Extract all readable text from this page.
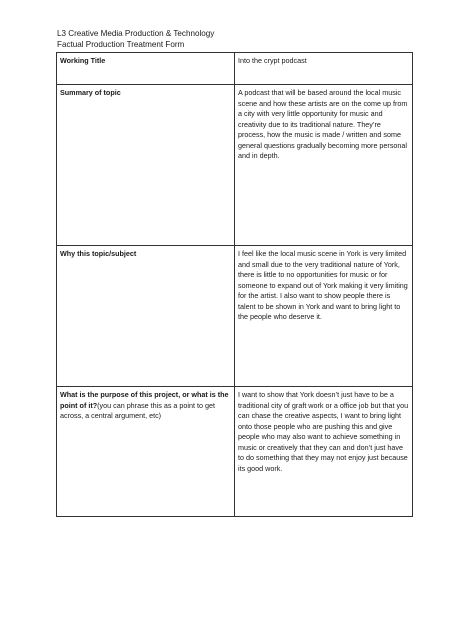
L3 Creative Media Production & Technology
Factual Production Treatment Form
Working Title	Into the crypt podcast
Summary of topic	A podcast that will be based around the local music scene and how these artists are on the come up from a city with very little opportunity for music and creativity due to its traditional nature. They’re process, how the music is made / written and some general questions gradually becoming more personal and in depth.
Why this topic/subject	I feel like the local music scene in York is very limited and small due to the very traditional nature of York, there is little to no opportunities for music or for someone to expand out of York making it very limiting for the artist. I also want to show people there is talent to be shown in York and want to bring light to the people who deserve it.
What is the purpose of this project, or what is the point of it?(you can phrase this as a point to get across, a central argument, etc)	I want to show that York doesn’t just have to be a traditional city of graft work or a office job but that you can chase the creative aspects, I want to bring light onto those people who are pushing this and give people who may also want to achieve something in music or creatively that they can and don’t just have to do something that they may not enjoy just because its good work.
